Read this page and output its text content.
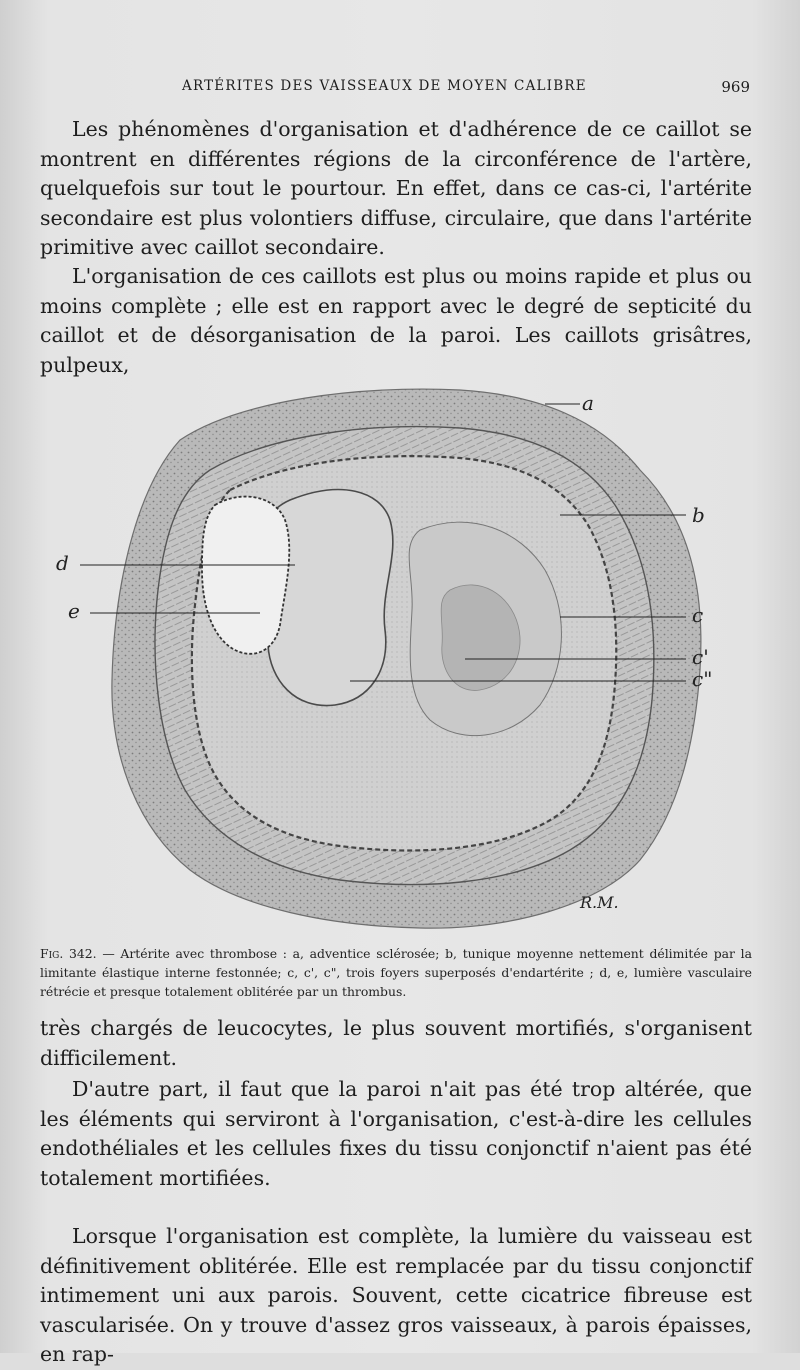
ARTÉRITES DES VAISSEAUX DE MOYEN CALIBRE	969

Les phénomènes d'organisation et d'adhérence de ce caillot se montrent en différentes régions de la circonférence de l'artère, quelquefois sur tout le pourtour. En effet, dans ce cas-ci, l'artérite secondaire est plus volontiers diffuse, circulaire, que dans l'artérite primitive avec caillot secondaire.

L'organisation de ces caillots est plus ou moins rapide et plus ou moins complète ; elle est en rapport avec le degré de septicité du caillot et de désorganisation de la paroi. Les caillots grisâtres, pulpeux,

a
b
d
e	c
c'
c"
R.M.
Fig. 342. — Artérite avec thrombose : a, adventice sclérosée; b, tunique moyenne nettement délimitée par la limitante élastique interne festonnée; c, c', c", trois foyers superposés d'endartérite ; d, e, lumière vasculaire rétrécie et presque totalement oblitérée par un thrombus.

très chargés de leucocytes, le plus souvent mortifiés, s'organisent difficilement.

D'autre part, il faut que la paroi n'ait pas été trop altérée, que les éléments qui serviront à l'organisation, c'est-à-dire les cellules endothéliales et les cellules fixes du tissu conjonctif n'aient pas été totalement mortifiées.

Lorsque l'organisation est complète, la lumière du vaisseau est définitivement oblitérée. Elle est remplacée par du tissu conjonctif intimement uni aux parois. Souvent, cette cicatrice fibreuse est vascularisée. On y trouve d'assez gros vaisseaux, à parois épaisses, en rap-
